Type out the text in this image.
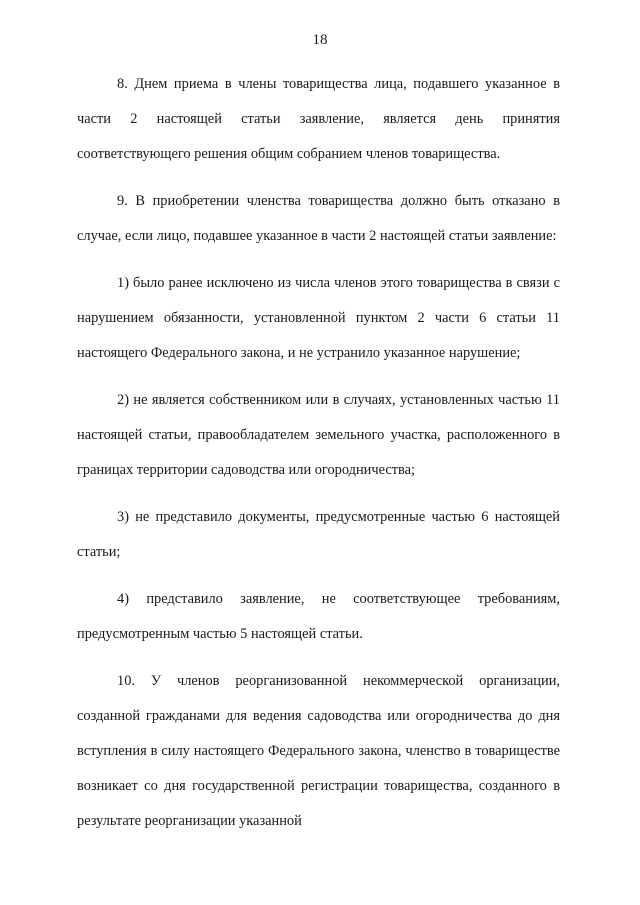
18

8. Днем приема в члены товарищества лица, подавшего указанное в части 2 настоящей статьи заявление, является день принятия соответствующего решения общим собранием членов товарищества.

9. В приобретении членства товарищества должно быть отказано в случае, если лицо, подавшее указанное в части 2 настоящей статьи заявление:

1) было ранее исключено из числа членов этого товарищества в связи с нарушением обязанности, установленной пунктом 2 части 6 статьи 11 настоящего Федерального закона, и не устранило указанное нарушение;

2) не является собственником или в случаях, установленных частью 11 настоящей статьи, правообладателем земельного участка, расположенного в границах территории садоводства или огородничества;

3) не представило документы, предусмотренные частью 6 настоящей статьи;

4) представило заявление, не соответствующее требованиям, предусмотренным частью 5 настоящей статьи.

10. У членов реорганизованной некоммерческой организации, созданной гражданами для ведения садоводства или огородничества до дня вступления в силу настоящего Федерального закона, членство в товариществе возникает со дня государственной регистрации товарищества, созданного в результате реорганизации указанной
